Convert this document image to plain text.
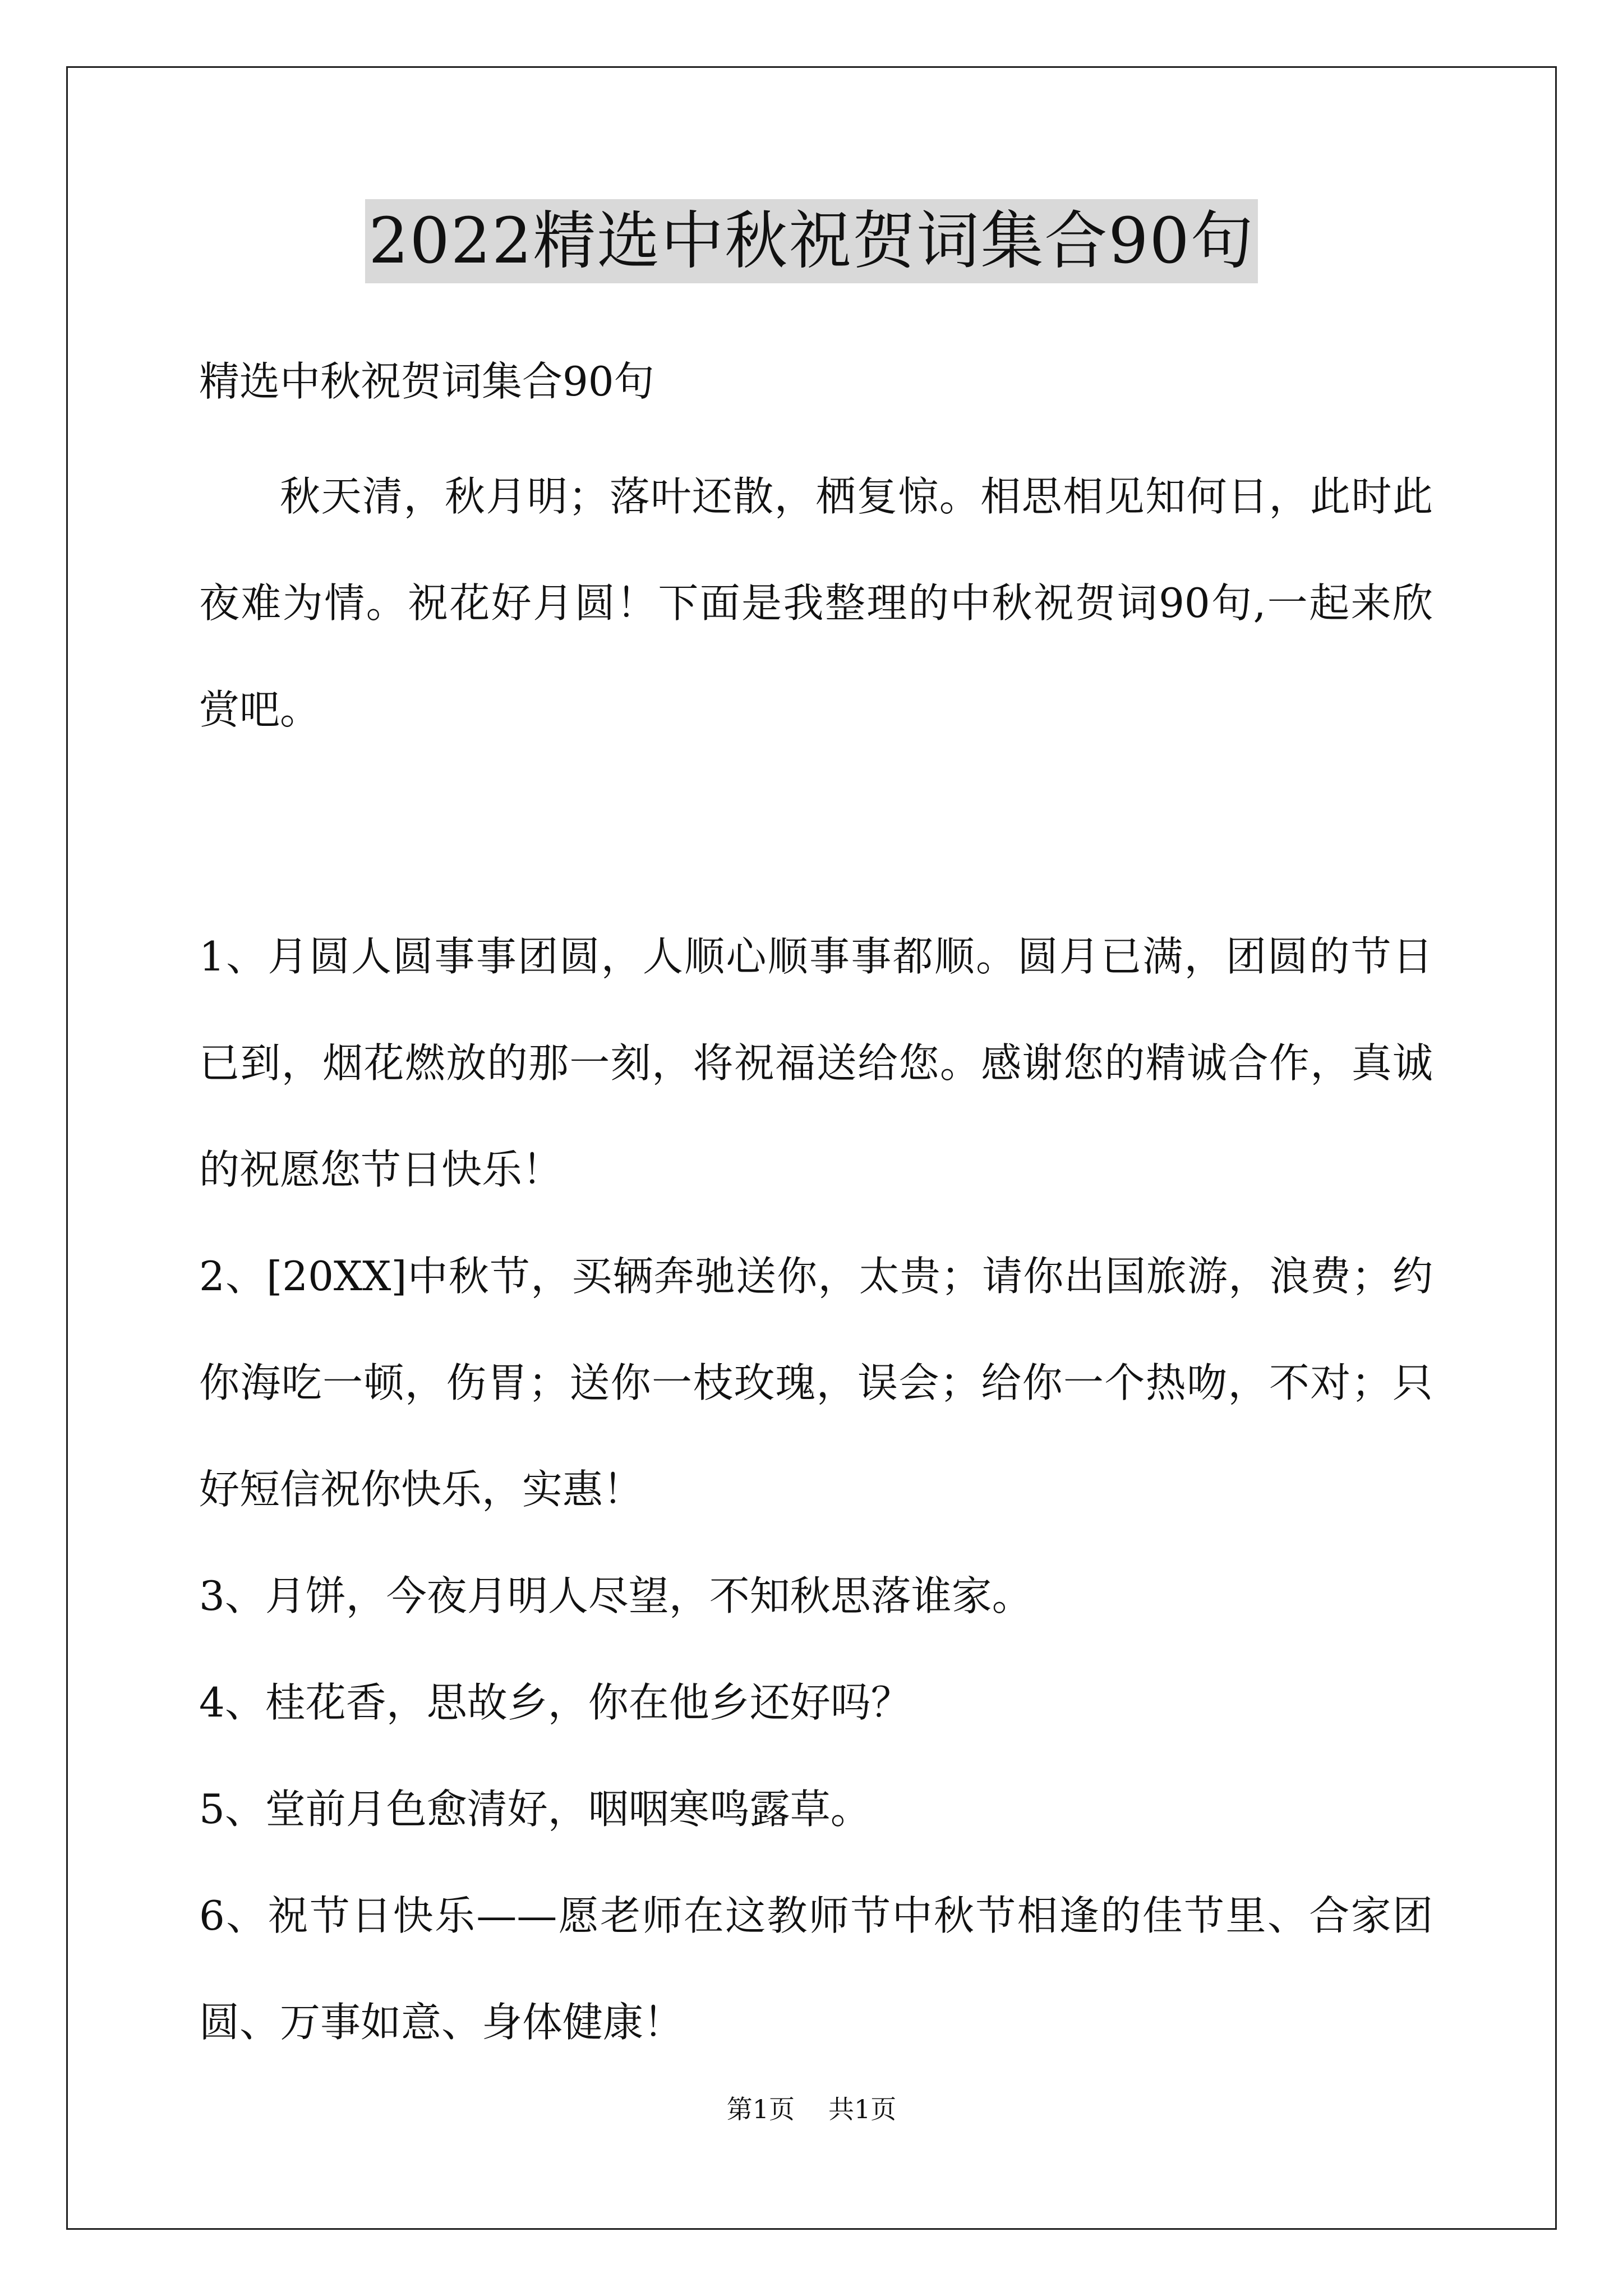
2022精选中秋祝贺词集合90句

精选中秋祝贺词集合90句

秋天清，秋月明；落叶还散，栖复惊。相思相见知何日，此时此夜难为情。祝花好月圆！下面是我整理的中秋祝贺词90句,一起来欣赏吧。

1、月圆人圆事事团圆，人顺心顺事事都顺。圆月已满，团圆的节日已到，烟花燃放的那一刻，将祝福送给您。感谢您的精诚合作，真诚的祝愿您节日快乐！

2、[20XX]中秋节，买辆奔驰送你，太贵；请你出国旅游，浪费；约你海吃一顿，伤胃；送你一枝玫瑰，误会；给你一个热吻，不对；只好短信祝你快乐，实惠！

3、月饼，今夜月明人尽望，不知秋思落谁家。

4、桂花香，思故乡，你在他乡还好吗？

5、堂前月色愈清好，咽咽寒鸣露草。

6、祝节日快乐——愿老师在这教师节中秋节相逢的佳节里、合家团圆、万事如意、身体健康！

第1页 共1页
